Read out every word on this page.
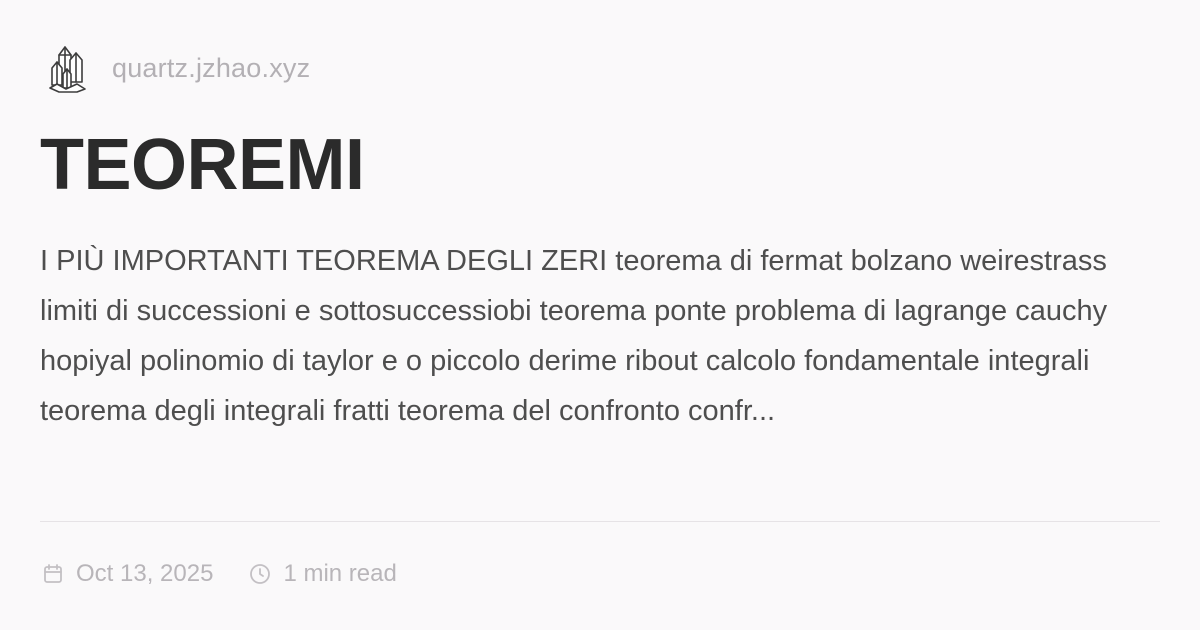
quartz.jzhao.xyz
TEOREMI

I PIÙ IMPORTANTI TEOREMA DEGLI ZERI teorema di fermat bolzano weirestrass limiti di successioni e sottosuccessiobi teorema ponte problema di lagrange cauchy hopiyal polinomio di taylor e o piccolo derime ribout calcolo fondamentale integrali teorema degli integrali fratti teorema del confronto confr...

Oct 13, 2025	1 min read
